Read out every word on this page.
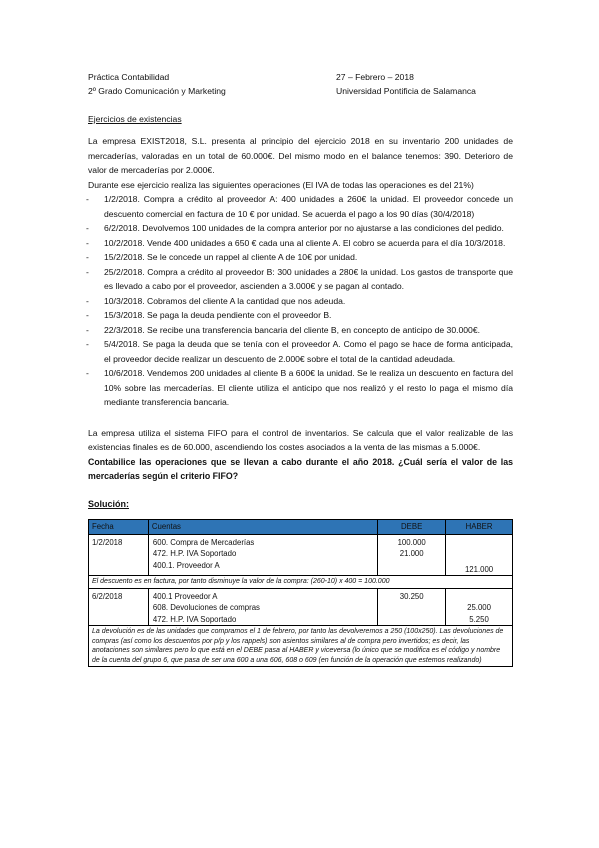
Práctica Contabilidad
2º Grado Comunicación y Marketing
27 – Febrero – 2018
Universidad Pontificia de Salamanca
Ejercicios de existencias

La empresa EXIST2018, S.L. presenta al principio del ejercicio 2018 en su inventario 200 unidades de mercaderías, valoradas en un total de 60.000€. Del mismo modo en el balance tenemos: 390. Deterioro de valor de mercaderías por 2.000€.

Durante ese ejercicio realiza las siguientes operaciones (El IVA de todas las operaciones es del 21%)

- 1/2/2018. Compra a crédito al proveedor A: 400 unidades a 260€ la unidad. El proveedor concede un descuento comercial en factura de 10 € por unidad. Se acuerda el pago a los 90 días (30/4/2018)
- 6/2/2018. Devolvemos 100 unidades de la compra anterior por no ajustarse a las condiciones del pedido.
- 10/2/2018. Vende 400 unidades a 650 € cada una al cliente A. El cobro se acuerda para el día 10/3/2018.
- 15/2/2018. Se le concede un rappel al cliente A de 10€ por unidad.
- 25/2/2018. Compra a crédito al proveedor B: 300 unidades a 280€ la unidad. Los gastos de transporte que es llevado a cabo por el proveedor, ascienden a 3.000€ y se pagan al contado.
- 10/3/2018. Cobramos del cliente A la cantidad que nos adeuda.
- 15/3/2018. Se paga la deuda pendiente con el proveedor B.
- 22/3/2018. Se recibe una transferencia bancaria del cliente B, en concepto de anticipo de 30.000€.
- 5/4/2018. Se paga la deuda que se tenía con el proveedor A. Como el pago se hace de forma anticipada, el proveedor decide realizar un descuento de 2.000€ sobre el total de la cantidad adeudada.
- 10/6/2018. Vendemos 200 unidades al cliente B a 600€ la unidad. Se le realiza un descuento en factura del 10% sobre las mercaderías. El cliente utiliza el anticipo que nos realizó y el resto lo paga el mismo día mediante transferencia bancaria.

La empresa utiliza el sistema FIFO para el control de inventarios. Se calcula que el valor realizable de las existencias finales es de 60.000, ascendiendo los costes asociados a la venta de las mismas a 5.000€.

Contabilice las operaciones que se llevan a cabo durante el año 2018. ¿Cuál sería el valor de las mercaderías según el criterio FIFO?

Solución:
Fecha	Cuentas	DEBE	HABER
1/2/2018	600. Compra de Mercaderías	100.000	
	472. H.P. IVA Soportado	21.000	
	400.1. Proveedor A		121.000
El descuento es en factura, por tanto disminuye la valor de la compra: (260-10) x 400 = 100.000			
6/2/2018	400.1 Proveedor A	30.250	
	608. Devoluciones de compras		25.000
	472. H.P. IVA Soportado		5.250
La devolución es de las unidades que compramos el 1 de febrero, por tanto las devolveremos a 250 (100x250). Las devoluciones de compras (así como los descuentos por p/p y los rappels) son asientos similares al de compra pero invertidos; es decir, las anotaciones son similares pero lo que está en el DEBE pasa al HABER y viceversa (lo único que se modifica es el código y nombre de la cuenta del grupo 6, que pasa de ser una 600 a una 606, 608 o 609 (en función de la operación que estemos realizando)			
